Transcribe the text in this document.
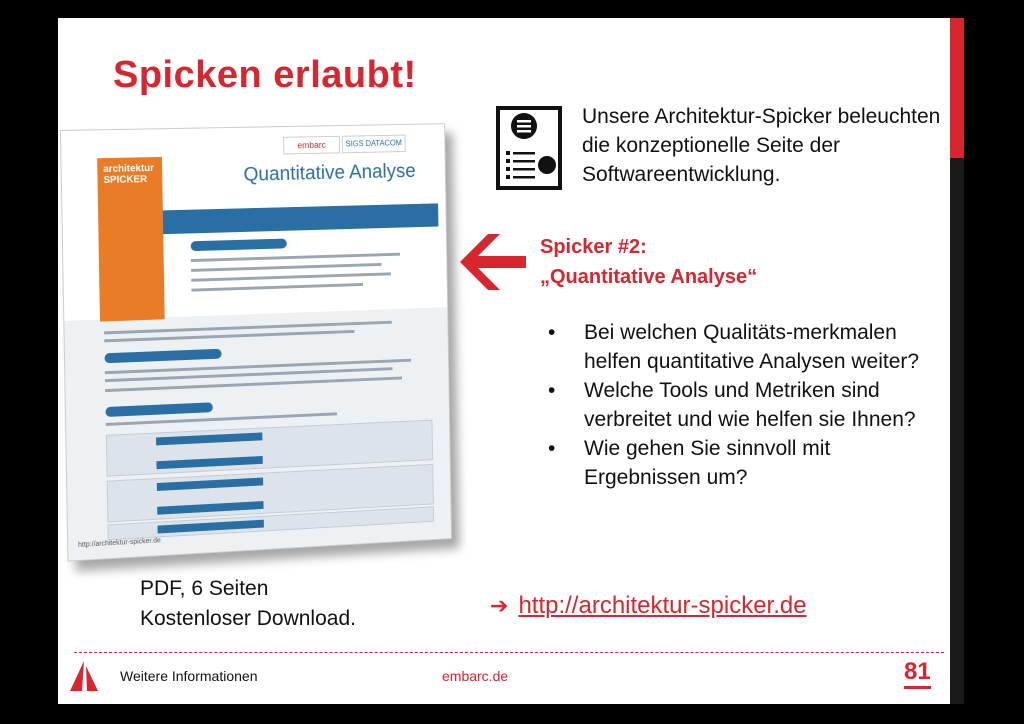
Spicken erlaubt!
architektur SPICKER
embarc	SIGS DATACOM
Quantitative Analyse
http://architektur-spicker.de
Unsere Architektur-Spicker beleuchten die konzeptionelle Seite der Softwareentwicklung.
Spicker #2:
„Quantitative Analyse“
• Bei welchen Qualitäts-merkmalen helfen quantitative Analysen weiter?
• Welche Tools und Metriken sind verbreitet und wie helfen sie Ihnen?
• Wie gehen Sie sinnvoll mit Ergebnissen um?
PDF, 6 Seiten
Kostenloser Download.
➔ http://architektur-spicker.de
Weitere Informationen	embarc.de	81
